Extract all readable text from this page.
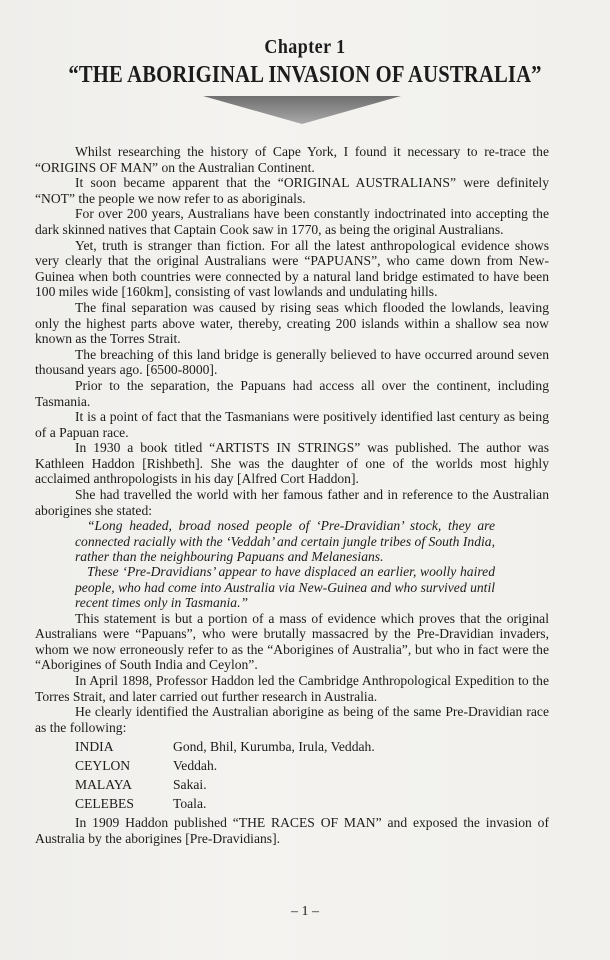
Chapter 1
“THE ABORIGINAL INVASION OF AUSTRALIA”

Whilst researching the history of Cape York, I found it necessary to re-trace the “ORIGINS OF MAN” on the Australian Continent.

It soon became apparent that the “ORIGINAL AUSTRALIANS” were definitely “NOT” the people we now refer to as aboriginals.

For over 200 years, Australians have been constantly indoctrinated into accepting the dark skinned natives that Captain Cook saw in 1770, as being the original Australians.

Yet, truth is stranger than fiction. For all the latest anthropological evidence shows very clearly that the original Australians were “PAPUANS”, who came down from New-Guinea when both countries were connected by a natural land bridge estimated to have been 100 miles wide [160km], consisting of vast lowlands and undulating hills.

The final separation was caused by rising seas which flooded the lowlands, leaving only the highest parts above water, thereby, creating 200 islands within a shallow sea now known as the Torres Strait.

The breaching of this land bridge is generally believed to have occurred around seven thousand years ago. [6500-8000].

Prior to the separation, the Papuans had access all over the continent, including Tasmania.

It is a point of fact that the Tasmanians were positively identified last century as being of a Papuan race.

In 1930 a book titled “ARTISTS IN STRINGS” was published. The author was Kathleen Haddon [Rishbeth]. She was the daughter of one of the worlds most highly acclaimed anthropologists in his day [Alfred Cort Haddon].

She had travelled the world with her famous father and in reference to the Australian aborigines she stated:

“Long headed, broad nosed people of ‘Pre-Dravidian’ stock, they are connected racially with the ‘Veddah’ and certain jungle tribes of South India, rather than the neighbouring Papuans and Melanesians.

These ‘Pre-Dravidians’ appear to have displaced an earlier, woolly haired people, who had come into Australia via New-Guinea and who survived until recent times only in Tasmania.”

This statement is but a portion of a mass of evidence which proves that the original Australians were “Papuans”, who were brutally massacred by the Pre-Dravidian invaders, whom we now erroneously refer to as the “Aborigines of Australia”, but who in fact were the “Aborigines of South India and Ceylon”.

In April 1898, Professor Haddon led the Cambridge Anthropological Expedition to the Torres Strait, and later carried out further research in Australia.

He clearly identified the Australian aborigine as being of the same Pre-Dravidian race as the following:

INDIA	Gond, Bhil, Kurumba, Irula, Veddah.
CEYLON	Veddah.
MALAYA	Sakai.
CELEBES	Toala.

In 1909 Haddon published “THE RACES OF MAN” and exposed the invasion of Australia by the aborigines [Pre-Dravidians].

– 1 –
